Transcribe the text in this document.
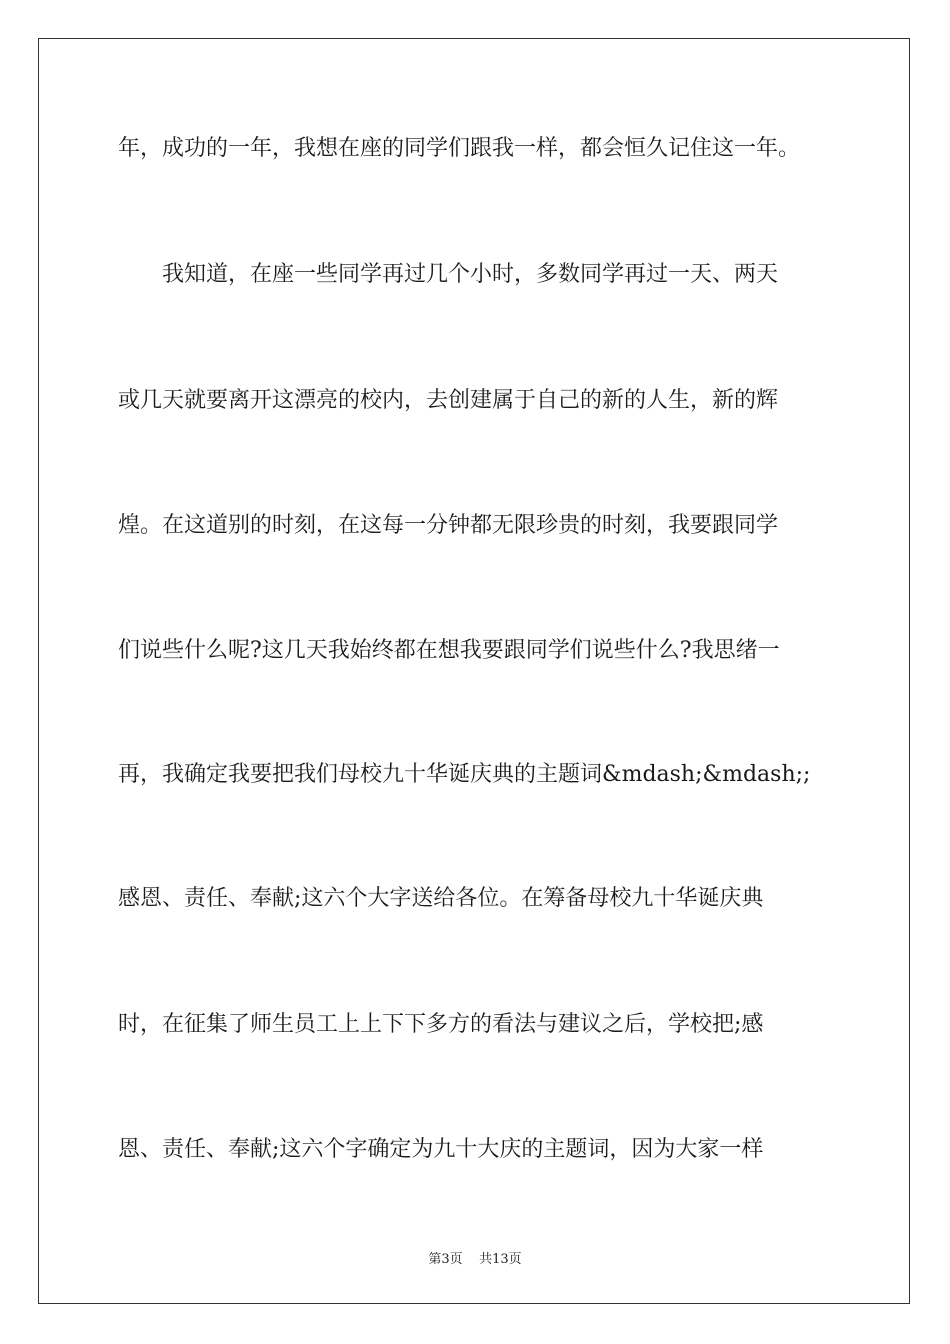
年，成功的一年，我想在座的同学们跟我一样，都会恒久记住这一年。

　　我知道，在座一些同学再过几个小时，多数同学再过一天、两天

或几天就要离开这漂亮的校内，去创建属于自己的新的人生，新的辉

煌。在这道别的时刻，在这每一分钟都无限珍贵的时刻，我要跟同学

们说些什么呢?这几天我始终都在想我要跟同学们说些什么?我思绪一

再，我确定我要把我们母校九十华诞庆典的主题词&mdash;&mdash;;

感恩、责任、奉献;这六个大字送给各位。在筹备母校九十华诞庆典

时，在征集了师生员工上上下下多方的看法与建议之后，学校把;感

恩、责任、奉献;这六个字确定为九十大庆的主题词，因为大家一样

第3页 共13页
